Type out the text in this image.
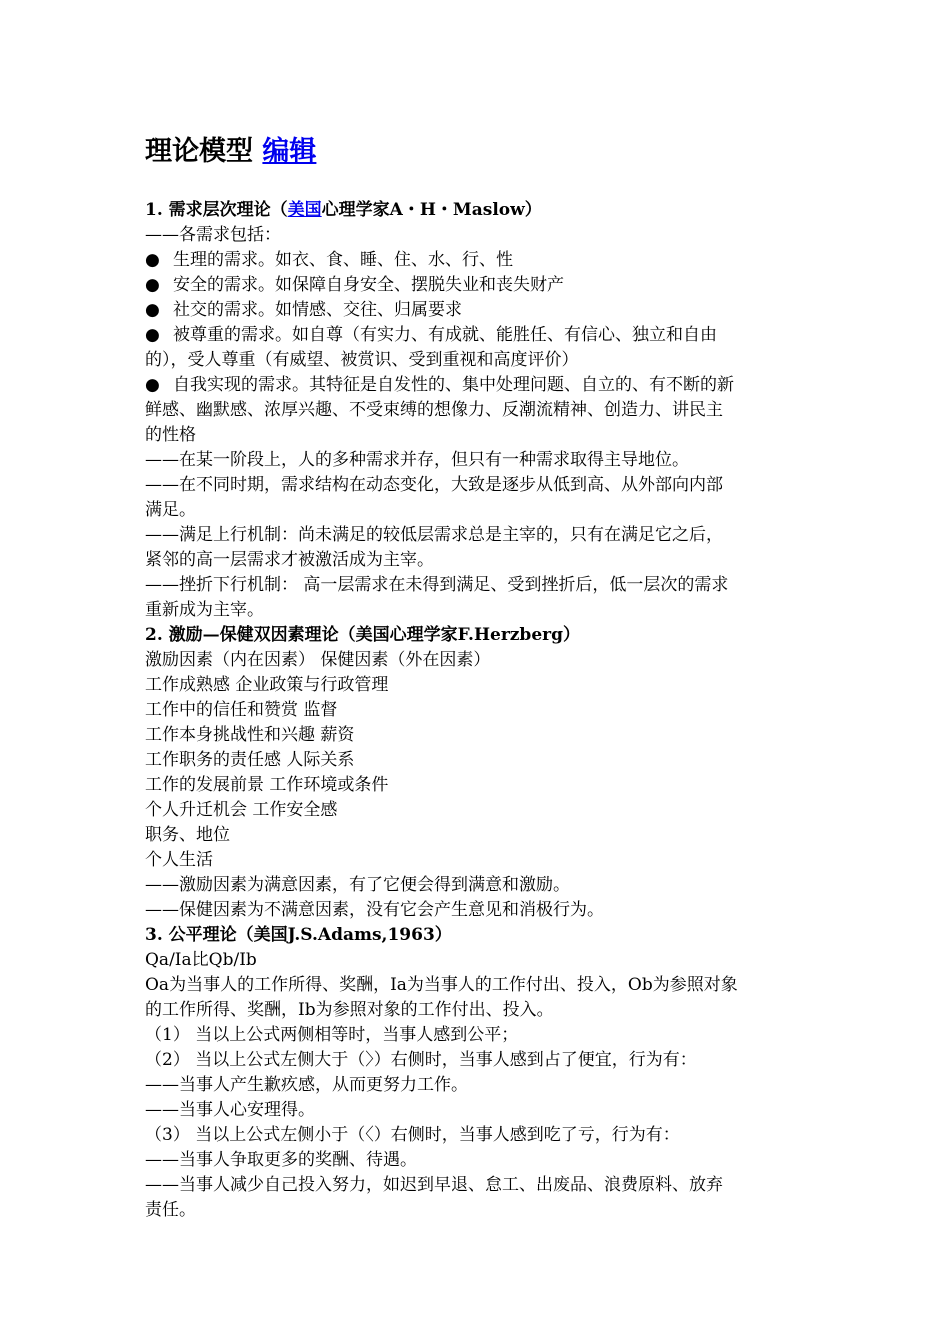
理论模型 编辑
1. 需求层次理论（美国心理学家A・H・Maslow）
——各需求包括：
● 生理的需求。如衣、食、睡、住、水、行、性
● 安全的需求。如保障自身安全、摆脱失业和丧失财产
● 社交的需求。如情感、交往、归属要求
● 被尊重的需求。如自尊（有实力、有成就、能胜任、有信心、独立和自由
的），受人尊重（有威望、被赏识、受到重视和高度评价）
● 自我实现的需求。其特征是自发性的、集中处理问题、自立的、有不断的新
鲜感、幽默感、浓厚兴趣、不受束缚的想像力、反潮流精神、创造力、讲民主
的性格
——在某一阶段上，人的多种需求并存，但只有一种需求取得主导地位。
——在不同时期，需求结构在动态变化，大致是逐步从低到高、从外部向内部
满足。
——满足上行机制：尚未满足的较低层需求总是主宰的，只有在满足它之后，
紧邻的高一层需求才被激活成为主宰。
——挫折下行机制： 高一层需求在未得到满足、受到挫折后，低一层次的需求
重新成为主宰。
2. 激励—保健双因素理论（美国心理学家F.Herzberg）
激励因素（内在因素） 保健因素（外在因素）
工作成熟感 企业政策与行政管理
工作中的信任和赞赏 监督
工作本身挑战性和兴趣 薪资
工作职务的责任感 人际关系
工作的发展前景 工作环境或条件
个人升迁机会 工作安全感
职务、地位
个人生活
——激励因素为满意因素，有了它便会得到满意和激励。
——保健因素为不满意因素，没有它会产生意见和消极行为。
3. 公平理论（美国J.S.Adams,1963）
Qa/Ia比Qb/Ib
Oa为当事人的工作所得、奖酬，Ia为当事人的工作付出、投入，Ob为参照对象
的工作所得、奖酬，Ib为参照对象的工作付出、投入。
（1） 当以上公式两侧相等时，当事人感到公平；
（2） 当以上公式左侧大于（〉）右侧时，当事人感到占了便宜，行为有：
——当事人产生歉疚感，从而更努力工作。
——当事人心安理得。
（3） 当以上公式左侧小于（〈）右侧时，当事人感到吃了亏，行为有：
——当事人争取更多的奖酬、待遇。
——当事人减少自己投入努力，如迟到早退、怠工、出废品、浪费原料、放弃
责任。
